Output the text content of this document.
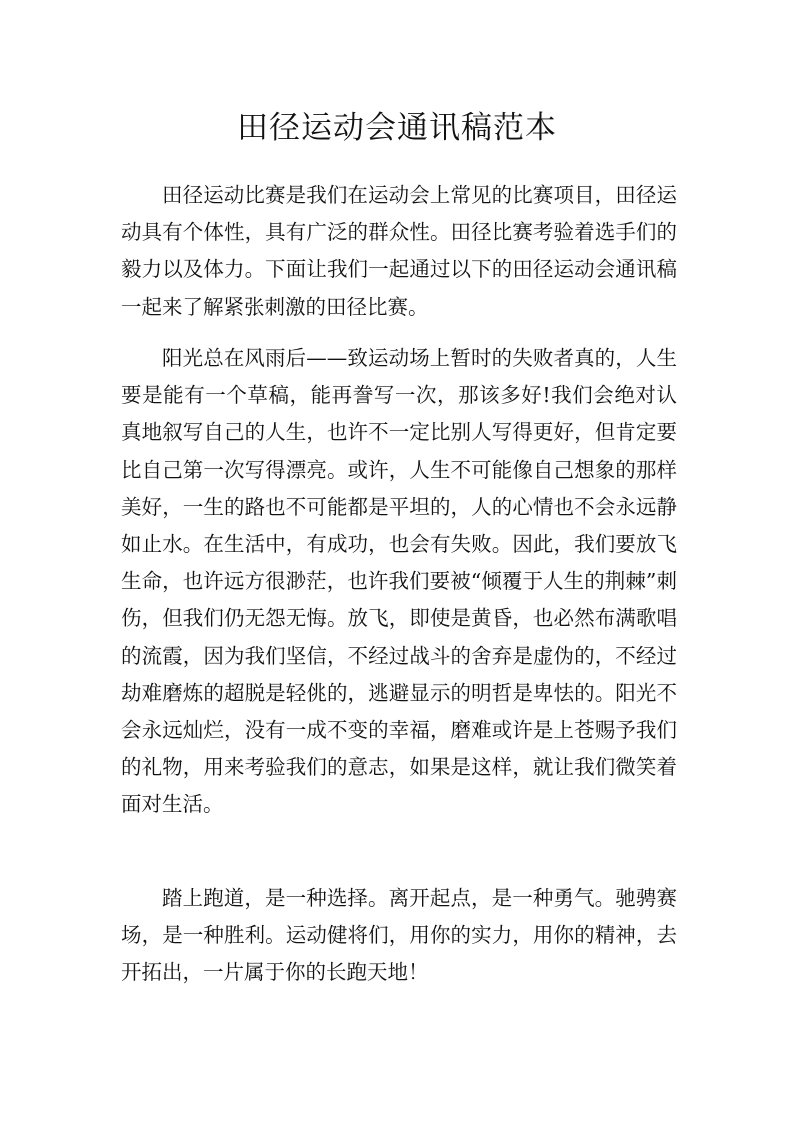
田径运动会通讯稿范本

田径运动比赛是我们在运动会上常见的比赛项目，田径运动具有个体性，具有广泛的群众性。田径比赛考验着选手们的毅力以及体力。下面让我们一起通过以下的田径运动会通讯稿一起来了解紧张刺激的田径比赛。

阳光总在风雨后——致运动场上暂时的失败者真的，人生要是能有一个草稿，能再誊写一次，那该多好!我们会绝对认真地叙写自己的人生，也许不一定比别人写得更好，但肯定要比自己第一次写得漂亮。或许，人生不可能像自己想象的那样美好，一生的路也不可能都是平坦的，人的心情也不会永远静如止水。在生活中，有成功，也会有失败。因此，我们要放飞生命，也许远方很渺茫，也许我们要被“倾覆于人生的荆棘”刺伤，但我们仍无怨无悔。放飞，即使是黄昏，也必然布满歌唱的流霞，因为我们坚信，不经过战斗的舍弃是虚伪的，不经过劫难磨炼的超脱是轻佻的，逃避显示的明哲是卑怯的。阳光不会永远灿烂，没有一成不变的幸福，磨难或许是上苍赐予我们的礼物，用来考验我们的意志，如果是这样，就让我们微笑着面对生活。

踏上跑道，是一种选择。离开起点，是一种勇气。驰骋赛场，是一种胜利。运动健将们，用你的实力，用你的精神，去开拓出，一片属于你的长跑天地！
